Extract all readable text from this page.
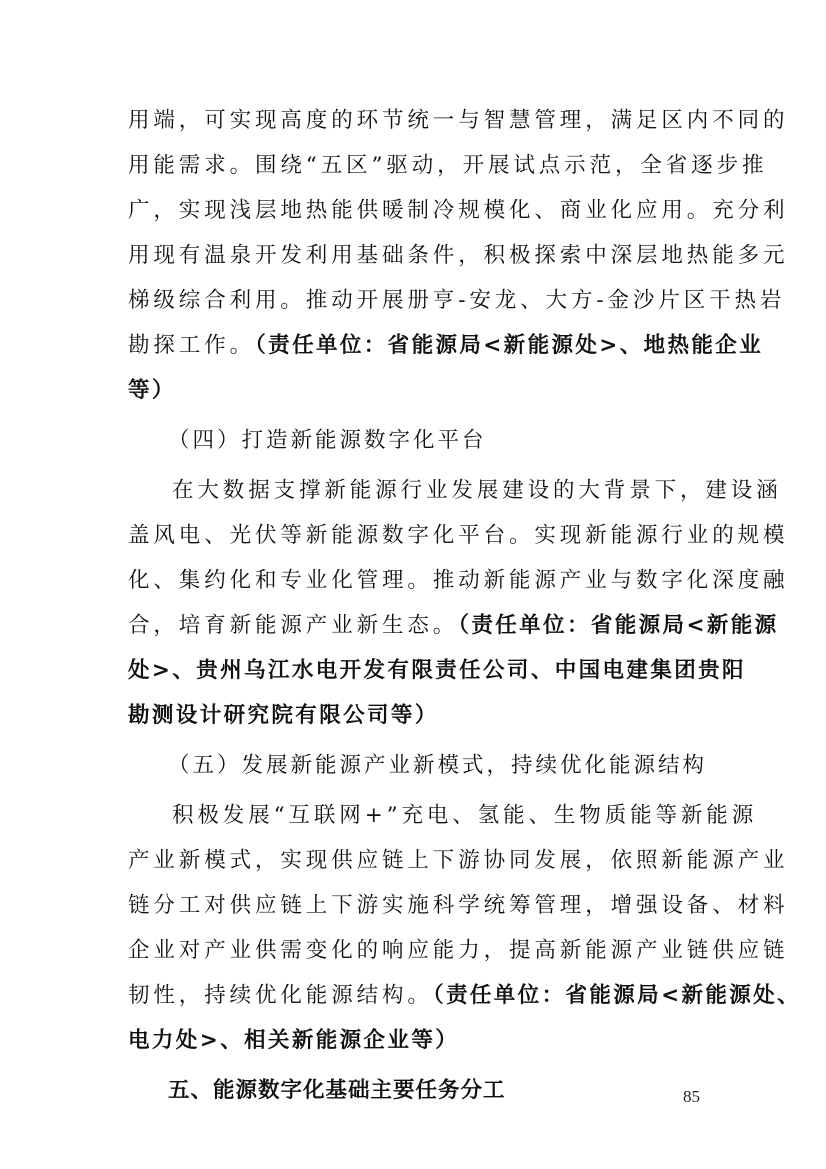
用端，可实现高度的环节统一与智慧管理，满足区内不同的
用能需求。围绕“五区”驱动，开展试点示范，全省逐步推
广，实现浅层地热能供暖制冷规模化、商业化应用。充分利
用现有温泉开发利用基础条件，积极探索中深层地热能多元
梯级综合利用。推动开展册亨-安龙、大方-金沙片区干热岩
勘探工作。（责任单位：省能源局<新能源处>、地热能企业
等）
（四）打造新能源数字化平台
在大数据支撑新能源行业发展建设的大背景下，建设涵
盖风电、光伏等新能源数字化平台。实现新能源行业的规模
化、集约化和专业化管理。推动新能源产业与数字化深度融
合，培育新能源产业新生态。（责任单位：省能源局<新能源
处>、贵州乌江水电开发有限责任公司、中国电建集团贵阳
勘测设计研究院有限公司等）
（五）发展新能源产业新模式，持续优化能源结构
积极发展“互联网+”充电、氢能、生物质能等新能源
产业新模式，实现供应链上下游协同发展，依照新能源产业
链分工对供应链上下游实施科学统筹管理，增强设备、材料
企业对产业供需变化的响应能力，提高新能源产业链供应链
韧性，持续优化能源结构。（责任单位：省能源局<新能源处、
电力处>、相关新能源企业等）
五、能源数字化基础主要任务分工	85
